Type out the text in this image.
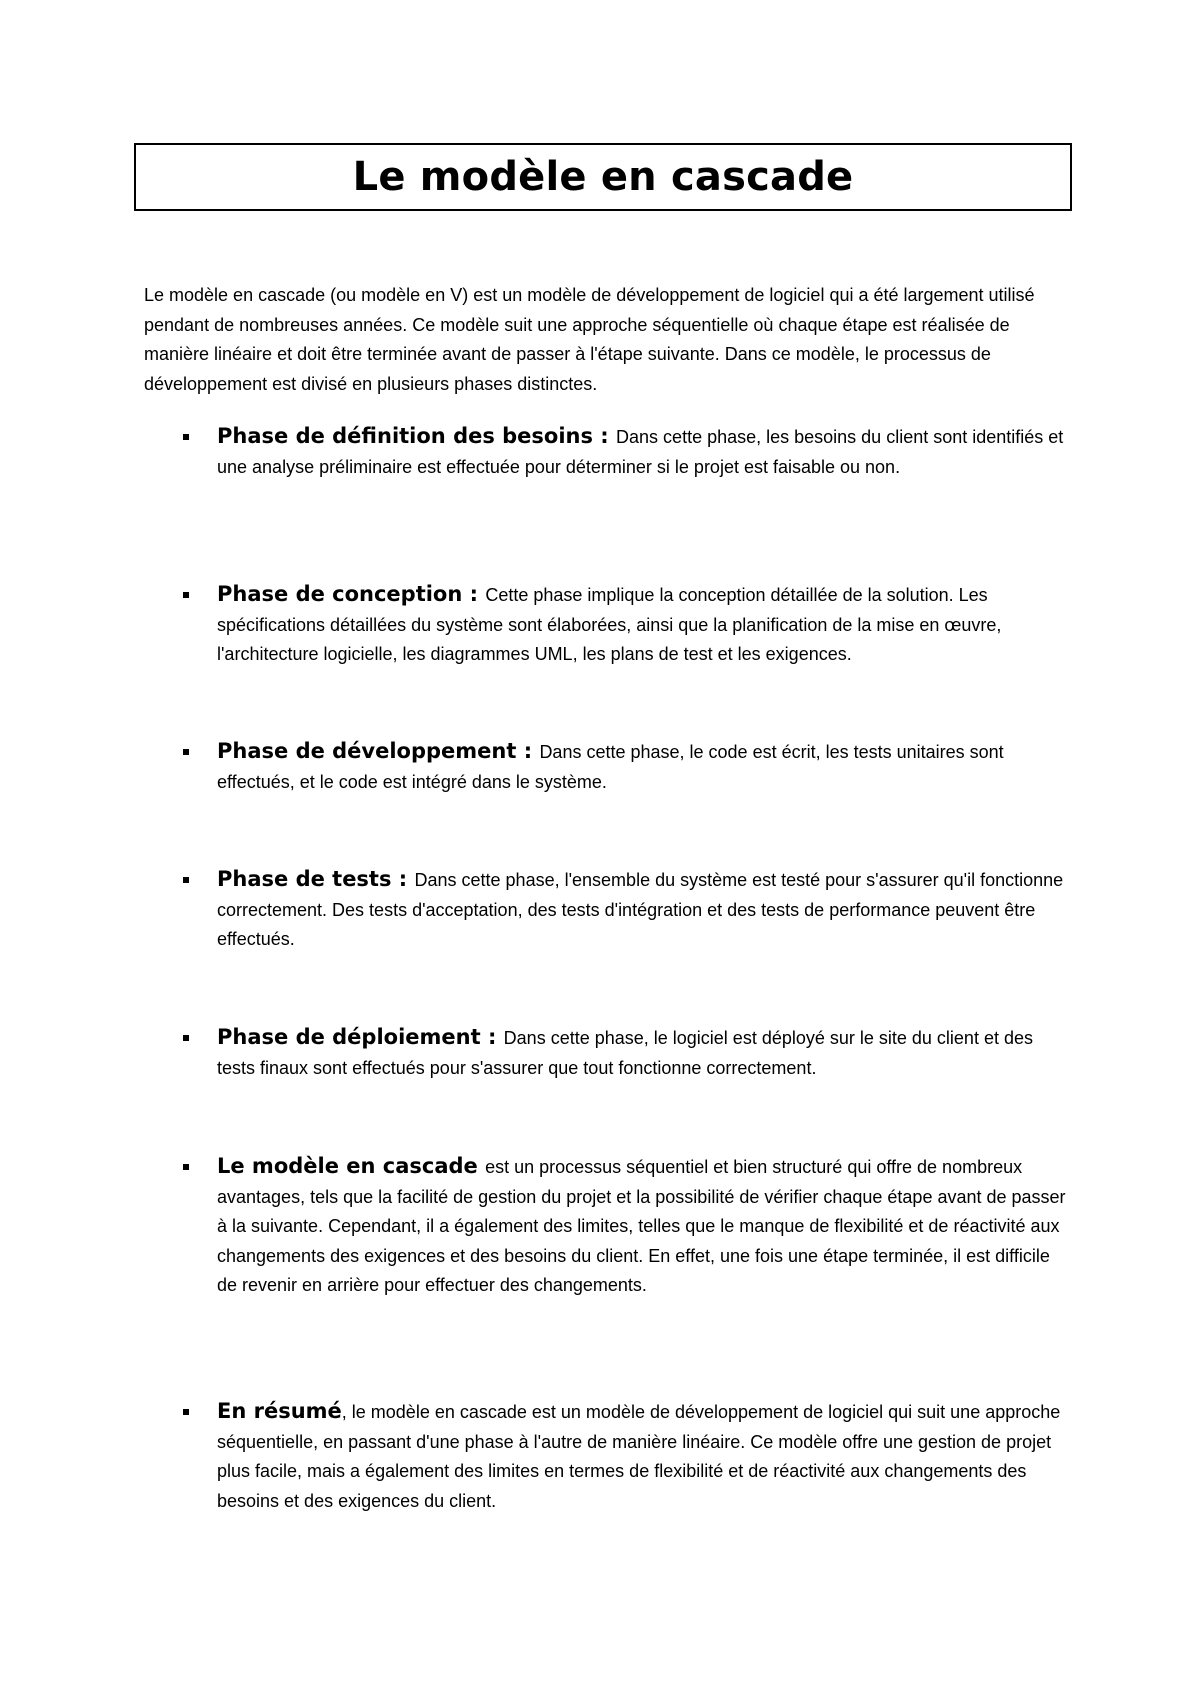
Le modèle en cascade

Le modèle en cascade (ou modèle en V) est un modèle de développement de logiciel qui a été largement utilisé pendant de nombreuses années. Ce modèle suit une approche séquentielle où chaque étape est réalisée de manière linéaire et doit être terminée avant de passer à l'étape suivante. Dans ce modèle, le processus de développement est divisé en plusieurs phases distinctes.

Phase de définition des besoins : Dans cette phase, les besoins du client sont identifiés et une analyse préliminaire est effectuée pour déterminer si le projet est faisable ou non.
Phase de conception : Cette phase implique la conception détaillée de la solution. Les spécifications détaillées du système sont élaborées, ainsi que la planification de la mise en œuvre, l'architecture logicielle, les diagrammes UML, les plans de test et les exigences.
Phase de développement : Dans cette phase, le code est écrit, les tests unitaires sont effectués, et le code est intégré dans le système.
Phase de tests : Dans cette phase, l'ensemble du système est testé pour s'assurer qu'il fonctionne correctement. Des tests d'acceptation, des tests d'intégration et des tests de performance peuvent être effectués.
Phase de déploiement : Dans cette phase, le logiciel est déployé sur le site du client et des tests finaux sont effectués pour s'assurer que tout fonctionne correctement.
Le modèle en cascade est un processus séquentiel et bien structuré qui offre de nombreux avantages, tels que la facilité de gestion du projet et la possibilité de vérifier chaque étape avant de passer à la suivante. Cependant, il a également des limites, telles que le manque de flexibilité et de réactivité aux changements des exigences et des besoins du client. En effet, une fois une étape terminée, il est difficile de revenir en arrière pour effectuer des changements.
En résumé, le modèle en cascade est un modèle de développement de logiciel qui suit une approche séquentielle, en passant d'une phase à l'autre de manière linéaire. Ce modèle offre une gestion de projet plus facile, mais a également des limites en termes de flexibilité et de réactivité aux changements des besoins et des exigences du client.
